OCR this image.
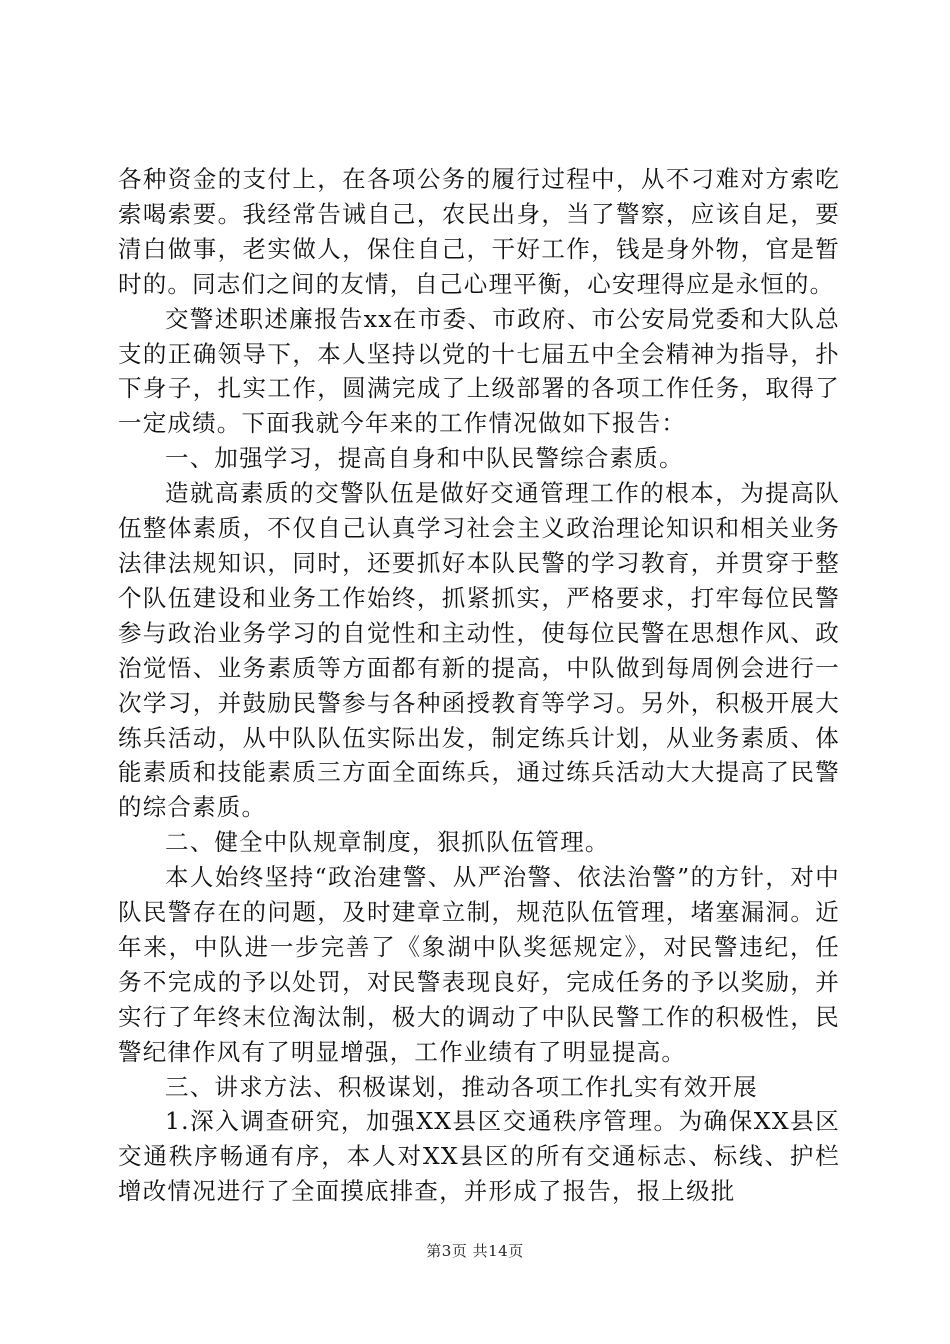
各种资金的支付上，在各项公务的履行过程中，从不刁难对方索吃索喝索要。我经常告诫自己，农民出身，当了警察，应该自足，要清白做事，老实做人，保住自己，干好工作，钱是身外物，官是暂时的。同志们之间的友情，自己心理平衡，心安理得应是永恒的。

交警述职述廉报告xx在市委、市政府、市公安局党委和大队总支的正确领导下，本人坚持以党的十七届五中全会精神为指导，扑下身子，扎实工作，圆满完成了上级部署的各项工作任务，取得了一定成绩。下面我就今年来的工作情况做如下报告：

一、加强学习，提高自身和中队民警综合素质。

造就高素质的交警队伍是做好交通管理工作的根本，为提高队伍整体素质，不仅自己认真学习社会主义政治理论知识和相关业务法律法规知识，同时，还要抓好本队民警的学习教育，并贯穿于整个队伍建设和业务工作始终，抓紧抓实，严格要求，打牢每位民警参与政治业务学习的自觉性和主动性，使每位民警在思想作风、政治觉悟、业务素质等方面都有新的提高，中队做到每周例会进行一次学习，并鼓励民警参与各种函授教育等学习。另外，积极开展大练兵活动，从中队队伍实际出发，制定练兵计划，从业务素质、体能素质和技能素质三方面全面练兵，通过练兵活动大大提高了民警的综合素质。

二、健全中队规章制度，狠抓队伍管理。

本人始终坚持“政治建警、从严治警、依法治警”的方针，对中队民警存在的问题，及时建章立制，规范队伍管理，堵塞漏洞。近年来，中队进一步完善了《象湖中队奖惩规定》，对民警违纪，任务不完成的予以处罚，对民警表现良好，完成任务的予以奖励，并实行了年终末位淘汰制，极大的调动了中队民警工作的积极性，民警纪律作风有了明显增强，工作业绩有了明显提高。

三、讲求方法、积极谋划，推动各项工作扎实有效开展

1.深入调查研究，加强XX县区交通秩序管理。为确保XX县区交通秩序畅通有序，本人对XX县区的所有交通标志、标线、护栏增改情况进行了全面摸底排查，并形成了报告，报上级批

第3页 共14页
